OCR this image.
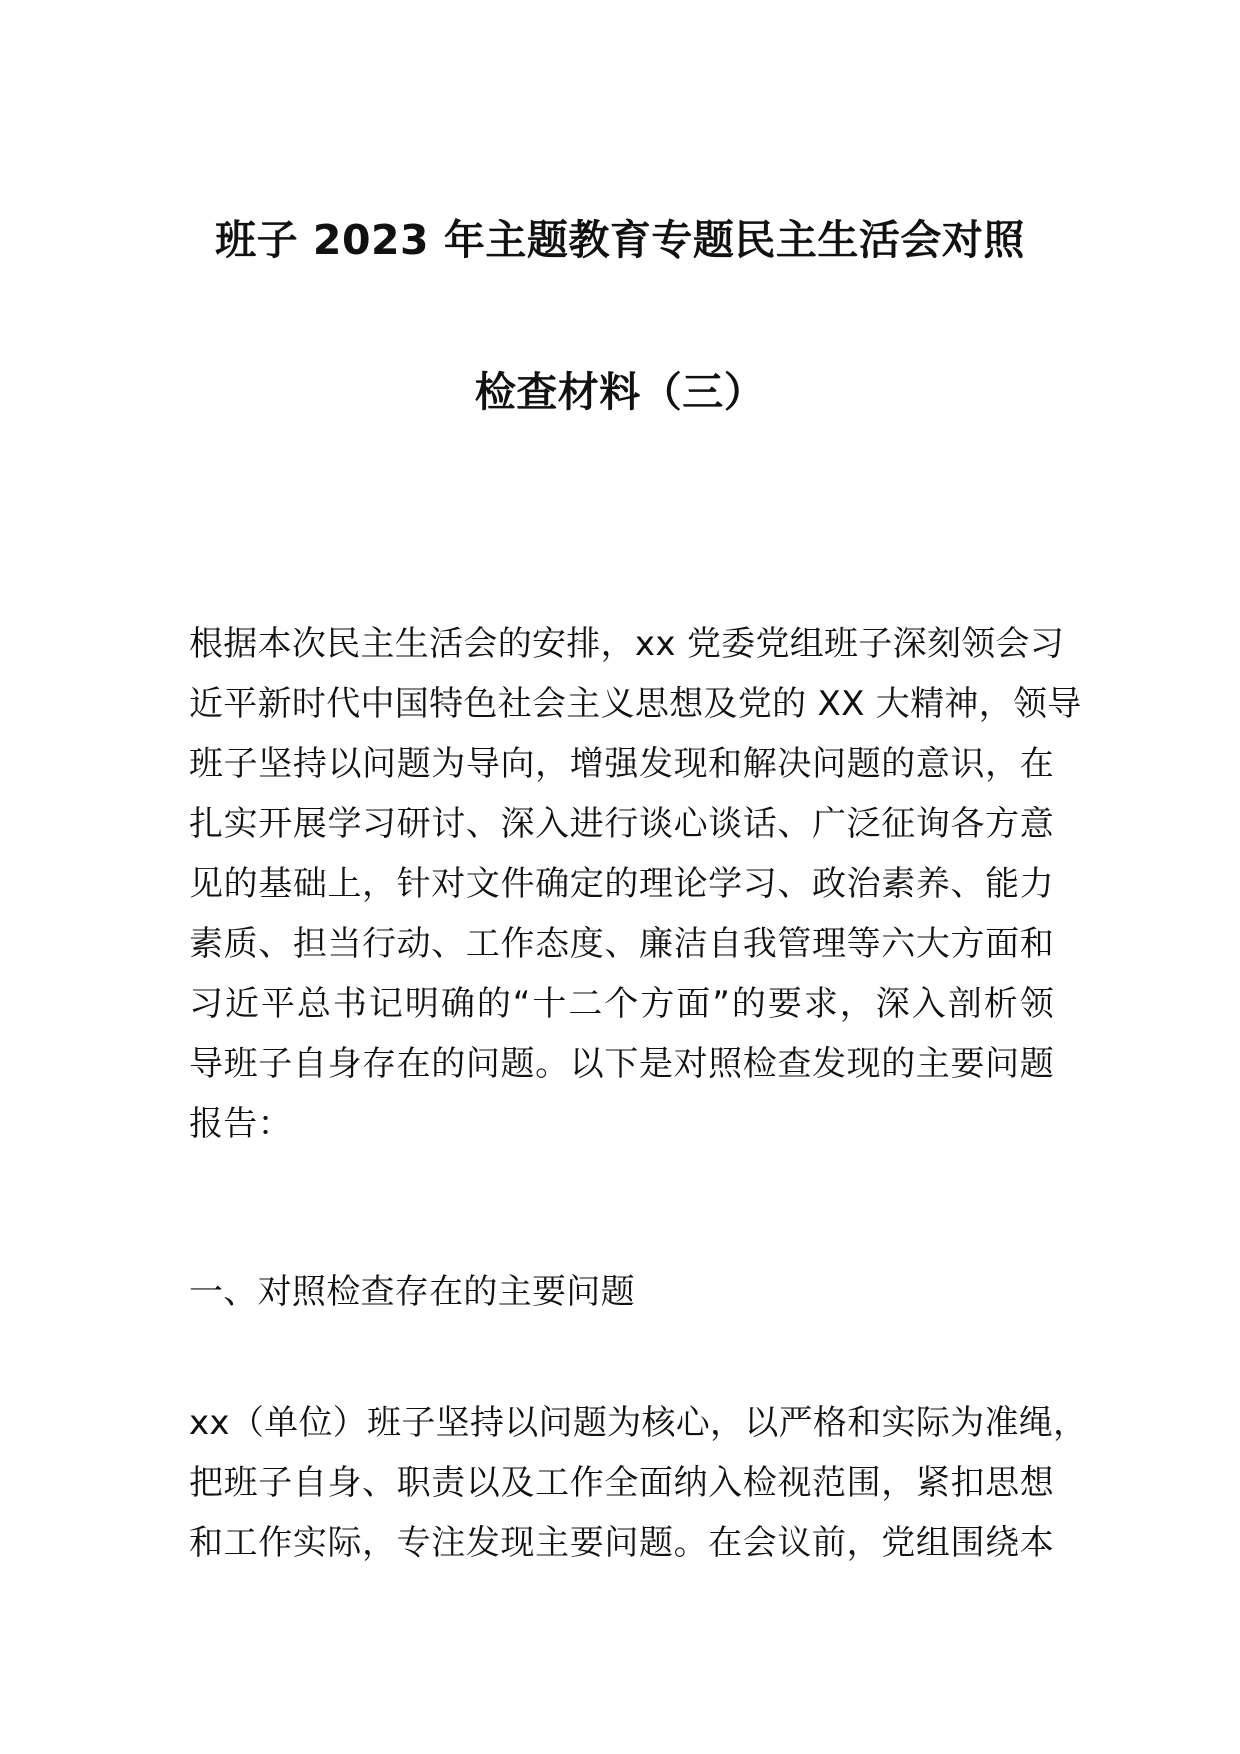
班子 2023 年主题教育专题民主生活会对照
检查材料（三）
根据本次民主生活会的安排，xx 党委党组班子深刻领会习
近平新时代中国特色社会主义思想及党的 XX 大精神，领导
班子坚持以问题为导向，增强发现和解决问题的意识，在
扎实开展学习研讨、深入进行谈心谈话、广泛征询各方意
见的基础上，针对文件确定的理论学习、政治素养、能力
素质、担当行动、工作态度、廉洁自我管理等六大方面和
习近平总书记明确的“十二个方面”的要求，深入剖析领
导班子自身存在的问题。以下是对照检查发现的主要问题
报告：
一、对照检查存在的主要问题
xx（单位）班子坚持以问题为核心，以严格和实际为准绳，
把班子自身、职责以及工作全面纳入检视范围，紧扣思想
和工作实际，专注发现主要问题。在会议前，党组围绕本
